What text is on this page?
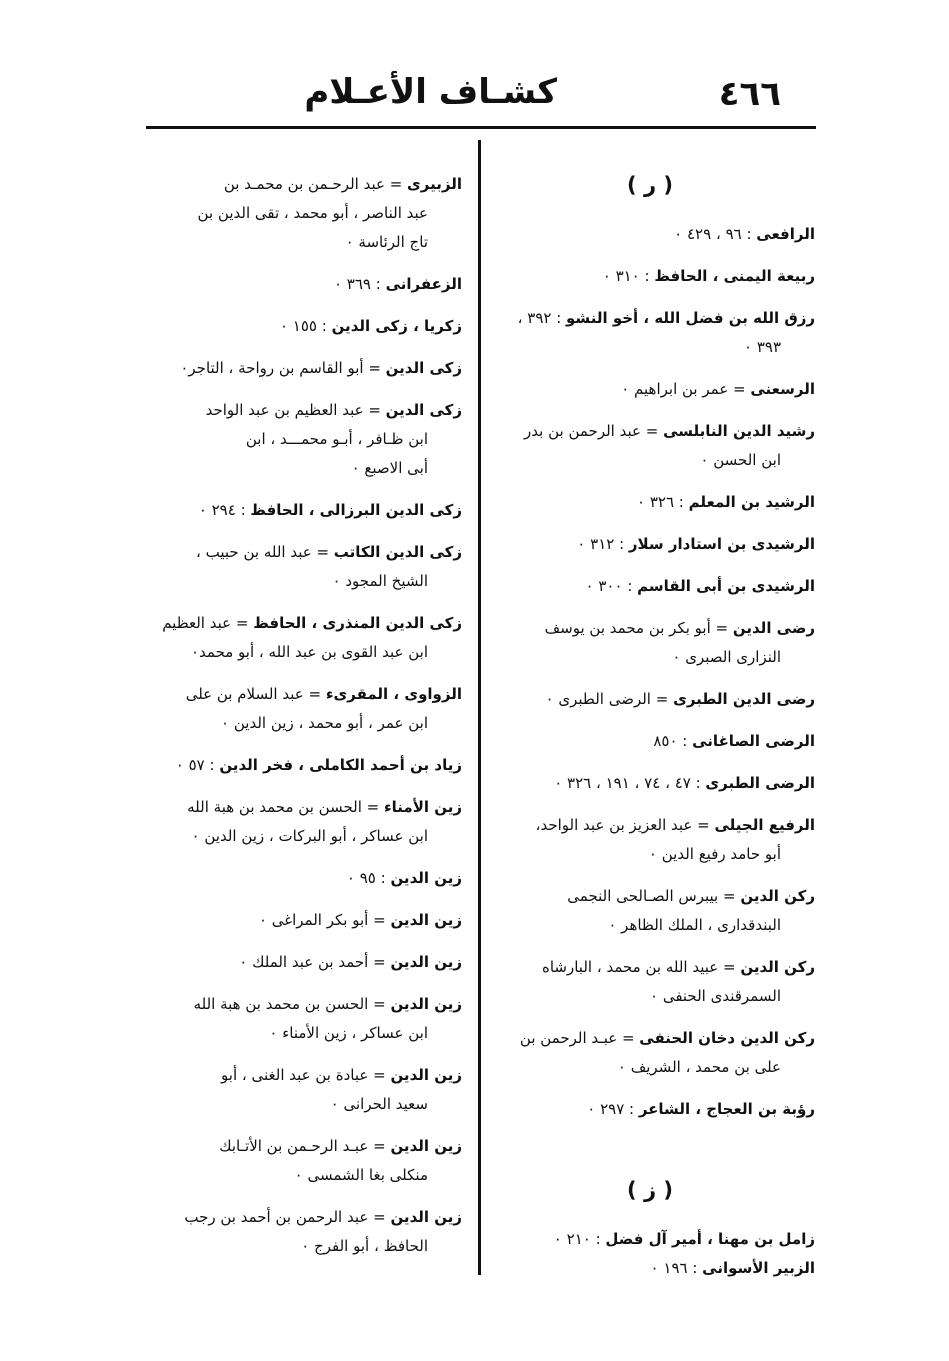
٤٦٦
كشـاف الأعـلام
( ر )
الرافعى : ٩٦ ، ٤٢٩ ٠
ربيعة اليمنى ، الحافظ : ٣١٠ ٠
رزق الله بن فضل الله ، أخو النشو : ٣٩٢ ،
٣٩٣ ٠
الرسعنى = عمر بن ابراهيم ٠
رشيد الدين النابلسى = عبد الرحمن بن بدر
ابن الحسن ٠
الرشيد بن المعلم : ٣٢٦ ٠
الرشيدى بن استادار سلار : ٣١٢ ٠
الرشيدى بن أبى القاسم : ٣٠٠ ٠
رضى الدين = أبو بكر بن محمد بن يوسف
النزارى الصبرى ٠
رضى الدين الطبرى = الرضى الطبرى ٠
الرضى الصاغانى : ٨٥٠
الرضى الطبرى : ٤٧ ، ٧٤ ، ١٩١ ، ٣٢٦ ٠
الرفيع الجيلى = عبد العزيز بن عبد الواحد،
أبو حامد رفيع الدين ٠
ركن الدين = بيبرس الصـالحى النجمى
البندقدارى ، الملك الظاهر ٠
ركن الدين = عبيد الله بن محمد ، البارشاه
السمرقندى الحنفى ٠
ركن الدين دخان الحنفى = عبـد الرحمن بن
على بن محمد ، الشريف ٠
رؤبة بن العجاج ، الشاعر : ٢٩٧ ٠
( ز )
زامل بن مهنا ، أمير آل فضل : ٢١٠ ٠
الزبير الأسوانى : ١٩٦ ٠
الزبيرى = عبد الرحـمن بن محمـد بن
عبد الناصر ، أبو محمد ، تقى الدين بن
تاج الرئاسة ٠
الزعفرانى : ٣٦٩ ٠
زكريا ، زكى الدين : ١٥٥ ٠
زكى الدين = أبو القاسم بن رواحة ، التاجر٠
زكى الدين = عبد العظيم بن عبد الواحد
ابن ظـافر ، أبـو محمـــد ، ابن
أبى الاصبع ٠
زكى الدين البرزالى ، الحافظ : ٢٩٤ ٠
زكى الدين الكاتب = عبد الله بن حبيب ،
الشيخ المجود ٠
زكى الدين المنذرى ، الحافظ = عبد العظيم
ابن عبد القوى بن عبد الله ، أبو محمد٠
الزواوى ، المقرىء = عبد السلام بن على
ابن عمر ، أبو محمد ، زين الدين ٠
زياد بن أحمد الكاملى ، فخر الدين : ٥٧ ٠
زين الأمناء = الحسن بن محمد بن هبة الله
ابن عساكر ، أبو البركات ، زين الدين ٠
زين الدين : ٩٥ ٠
زين الدين = أبو بكر المراغى ٠
زين الدين = أحمد بن عبد الملك ٠
زين الدين = الحسن بن محمد بن هبة الله
ابن عساكر ، زين الأمناء ٠
زين الدين = عبادة بن عبد الغنى ، أبو
سعيد الحرانى ٠
زين الدين = عبـد الرحـمن بن الأتـابك
منكلى بغا الشمسى ٠
زين الدين = عبد الرحمن بن أحمد بن رجب
الحافظ ، أبو الفرج ٠
